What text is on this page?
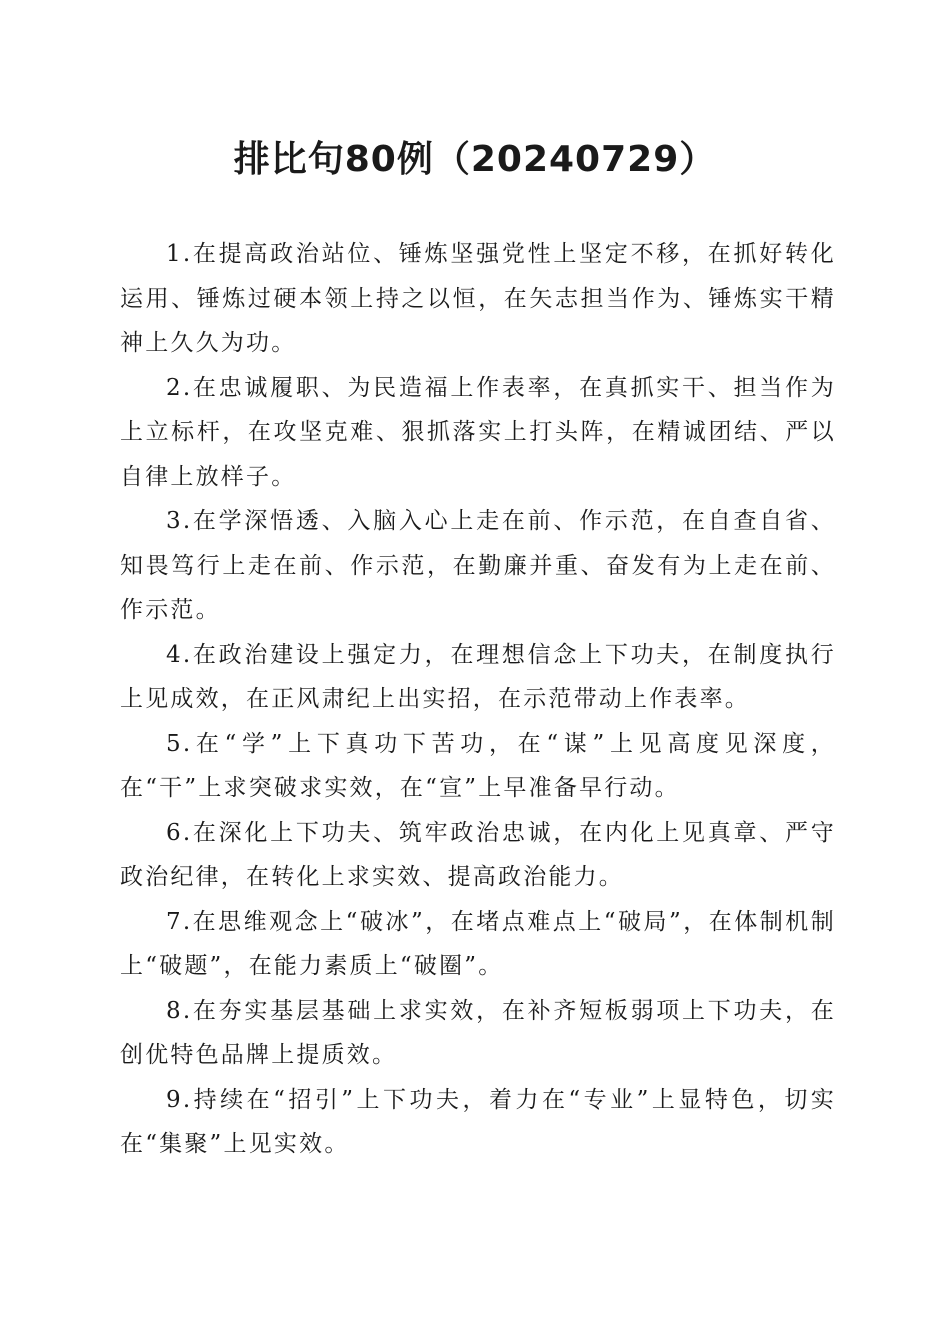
排比句80例（20240729）

1.在提高政治站位、锤炼坚强党性上坚定不移，在抓好转化运用、锤炼过硬本领上持之以恒，在矢志担当作为、锤炼实干精神上久久为功。

2.在忠诚履职、为民造福上作表率，在真抓实干、担当作为上立标杆，在攻坚克难、狠抓落实上打头阵，在精诚团结、严以自律上放样子。

3.在学深悟透、入脑入心上走在前、作示范，在自查自省、知畏笃行上走在前、作示范，在勤廉并重、奋发有为上走在前、作示范。

4.在政治建设上强定力，在理想信念上下功夫，在制度执行上见成效，在正风肃纪上出实招，在示范带动上作表率。

5.在“学”上下真功下苦功，在“谋”上见高度见深度，在“干”上求突破求实效，在“宣”上早准备早行动。

6.在深化上下功夫、筑牢政治忠诚，在内化上见真章、严守政治纪律，在转化上求实效、提高政治能力。

7.在思维观念上“破冰”，在堵点难点上“破局”，在体制机制上“破题”，在能力素质上“破圈”。

8.在夯实基层基础上求实效，在补齐短板弱项上下功夫，在创优特色品牌上提质效。

9.持续在“招引”上下功夫，着力在“专业”上显特色，切实在“集聚”上见实效。
